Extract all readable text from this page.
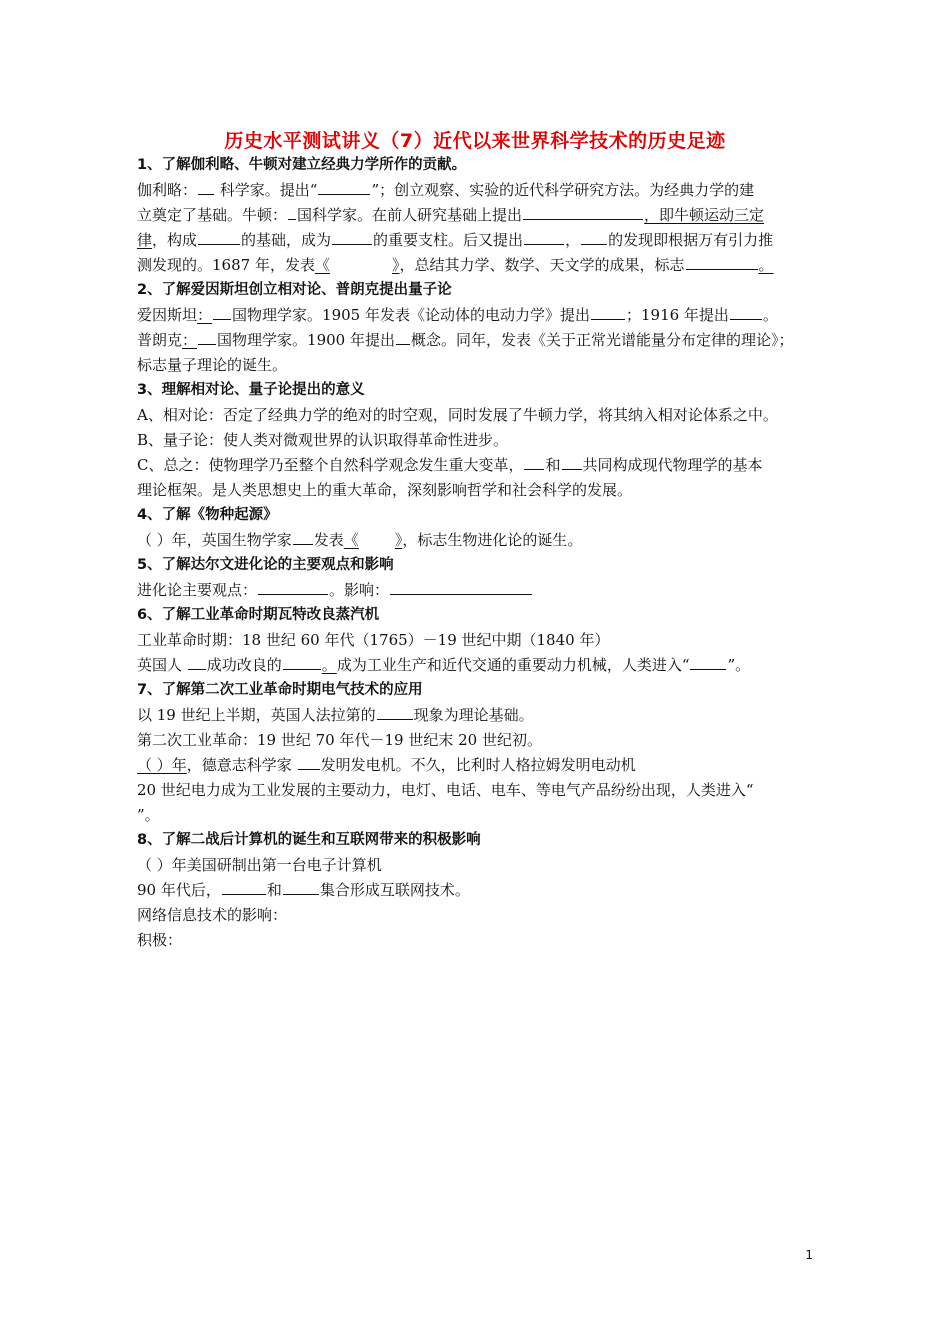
历史水平测试讲义（7）近代以来世界科学技术的历史足迹
1、了解伽利略、牛顿对建立经典力学所作的贡献。
伽利略： 科学家。提出“	”；创立观察、实验的近代科学研究方法。为经典力学的建
立奠定了基础。牛顿： 国科学家。在前人研究基础上提出	，即牛顿运动三定
律，构成	的基础，成为	的重要支柱。后又提出	， 的发现即根据万有引力推
测发现的。1687 年，发表《	》，总结其力学、数学、天文学的成果，标志	。
2、了解爱因斯坦创立相对论、普朗克提出量子论
爱因斯坦： 国物理学家。1905 年发表《论动体的电动力学》提出 ；1916 年提出 。
普朗克： 国物理学家。1900 年提出 概念。同年，发表《关于正常光谱能量分布定律的理论》；
标志量子理论的诞生。
3、理解相对论、量子论提出的意义
A、相对论：否定了经典力学的绝对的时空观，同时发展了牛顿力学，将其纳入相对论体系之中。
B、量子论：使人类对微观世界的认识取得革命性进步。
C、总之：使物理学乃至整个自然科学观念发生重大变革， 和 共同构成现代物理学的基本
理论框架。是人类思想史上的重大革命，深刻影响哲学和社会科学的发展。
4、了解《物种起源》
（ ）年，英国生物学家 发表《 》，标志生物进化论的诞生。
5、了解达尔文进化论的主要观点和影响
进化论主要观点：	。影响：
6、了解工业革命时期瓦特改良蒸汽机
工业革命时期：18 世纪 60 年代（1765）－19 世纪中期（1840 年）
英国人 成功改良的	。成为工业生产和近代交通的重要动力机械，人类进入“	”。
7、了解第二次工业革命时期电气技术的应用
以 19 世纪上半期，英国人法拉第的	现象为理论基础。
第二次工业革命：19 世纪 70 年代－19 世纪末 20 世纪初。
（ ）年，德意志科学家 发明发电机。不久，比利时人格拉姆发明电动机
20 世纪电力成为工业发展的主要动力，电灯、电话、电车、等电气产品纷纷出现，人类进入“
”。
8、了解二战后计算机的诞生和互联网带来的积极影响
（ ）年美国研制出第一台电子计算机
90 年代后，	和	集合形成互联网技术。
网络信息技术的影响：
积极：
1
